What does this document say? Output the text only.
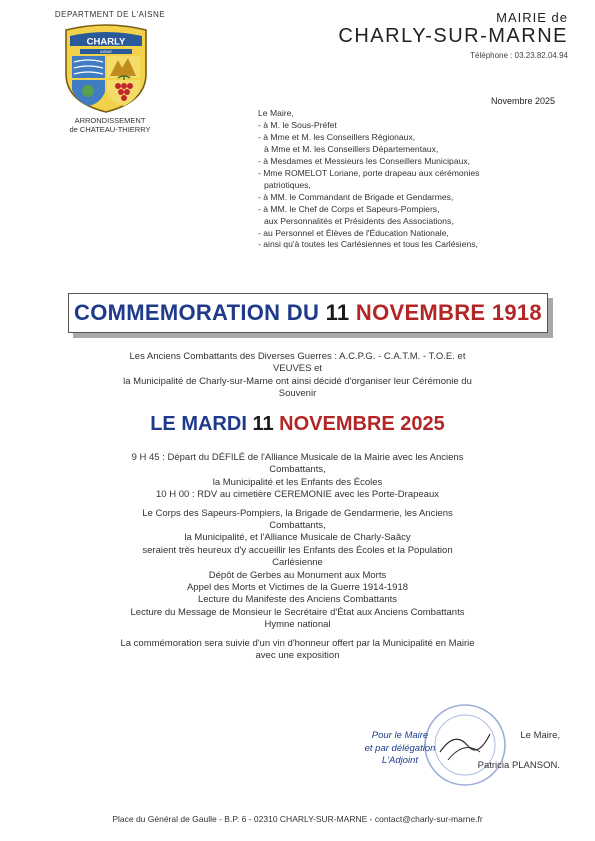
DEPARTMENT DE L'AISNE
CHARLY
AISNE
ARRONDISSEMENT
de CHATEAU-THIERRY
MAIRIE de
CHARLY-SUR-MARNE
Téléphone : 03.23.82.04.94
Novembre 2025
Le Maire,
- à M. le Sous-Préfet
- à Mme et M. les Conseillers Régionaux,
à Mme et M. les Conseillers Départementaux,
- à Mesdames et Messieurs les Conseillers Municipaux,
- Mme ROMELOT Loriane, porte drapeau aux cérémonies
patriotiques,
- à MM. le Commandant de Brigade et Gendarmes,
- à MM. le Chef de Corps et Sapeurs-Pompiers,
aux Personnalités et Présidents des Associations,
- au Personnel et Élèves de l'Éducation Nationale,
- ainsi qu'à toutes les Carlésiennes et tous les Carlésiens,
COMMEMORATION DU 11 NOVEMBRE 1918
Les Anciens Combattants des Diverses Guerres : A.C.P.G. - C.A.T.M. - T.O.E. et
VEUVES et
la Municipalité de Charly-sur-Marne ont ainsi décidé d'organiser leur Cérémonie du
Souvenir
LE MARDI 11 NOVEMBRE 2025
9 H 45 : Départ du DÉFILÉ de l'Alliance Musicale de la Mairie avec les Anciens
Combattants,
la Municipalité et les Enfants des Écoles
10 H 00 : RDV au cimetière CEREMONIE avec les Porte-Drapeaux
Le Corps des Sapeurs-Pompiers, la Brigade de Gendarmerie, les Anciens
Combattants,
la Municipalité, et l'Alliance Musicale de Charly-Saâcy
seraient très heureux d'y accueillir les Enfants des Écoles et la Population
Carlésienne
Dépôt de Gerbes au Monument aux Morts
Appel des Morts et Victimes de la Guerre 1914-1918
Lecture du Manifeste des Anciens Combattants
Lecture du Message de Monsieur le Secrétaire d'État aux Anciens Combattants
Hymne national
La commémoration sera suivie d'un vin d'honneur offert par la Municipalité en Mairie
avec une exposition
Pour le Maire
et par délégation
L'Adjoint
Le Maire,
Patricia PLANSON.
Place du Général de Gaulle - B.P. 6 - 02310 CHARLY-SUR-MARNE - contact@charly-sur-marne.fr
